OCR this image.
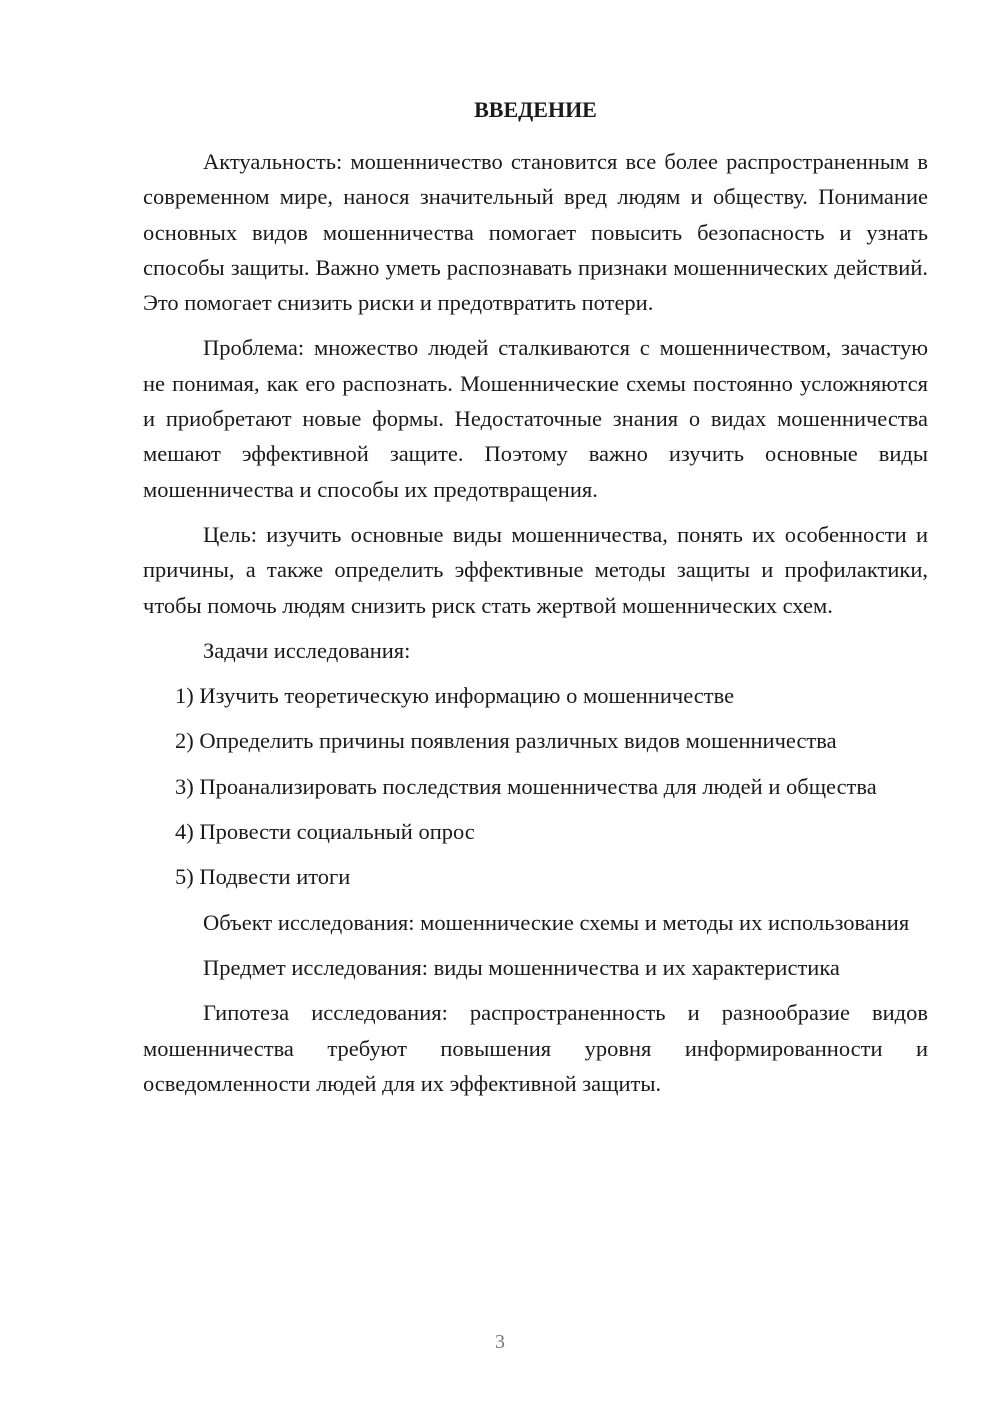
ВВЕДЕНИЕ

Актуальность: мошенничество становится все более распространенным в современном мире, нанося значительный вред людям и обществу. Понимание основных видов мошенничества помогает повысить безопасность и узнать способы защиты. Важно уметь распознавать признаки мошеннических действий. Это помогает снизить риски и предотвратить потери.

Проблема: множество людей сталкиваются с мошенничеством, зачастую не понимая, как его распознать. Мошеннические схемы постоянно усложняются и приобретают новые формы. Недостаточные знания о видах мошенничества мешают эффективной защите. Поэтому важно изучить основные виды мошенничества и способы их предотвращения.

Цель: изучить основные виды мошенничества, понять их особенности и причины, а также определить эффективные методы защиты и профилактики, чтобы помочь людям снизить риск стать жертвой мошеннических схем.

Задачи исследования:

1) Изучить теоретическую информацию о мошенничестве

2) Определить причины появления различных видов мошенничества

3) Проанализировать последствия мошенничества для людей и общества

4) Провести социальный опрос

5) Подвести итоги

Объект исследования: мошеннические схемы и методы их использования

Предмет исследования: виды мошенничества и их характеристика

Гипотеза исследования: распространенность и разнообразие видов мошенничества требуют повышения уровня информированности и осведомленности людей для их эффективной защиты.

3
